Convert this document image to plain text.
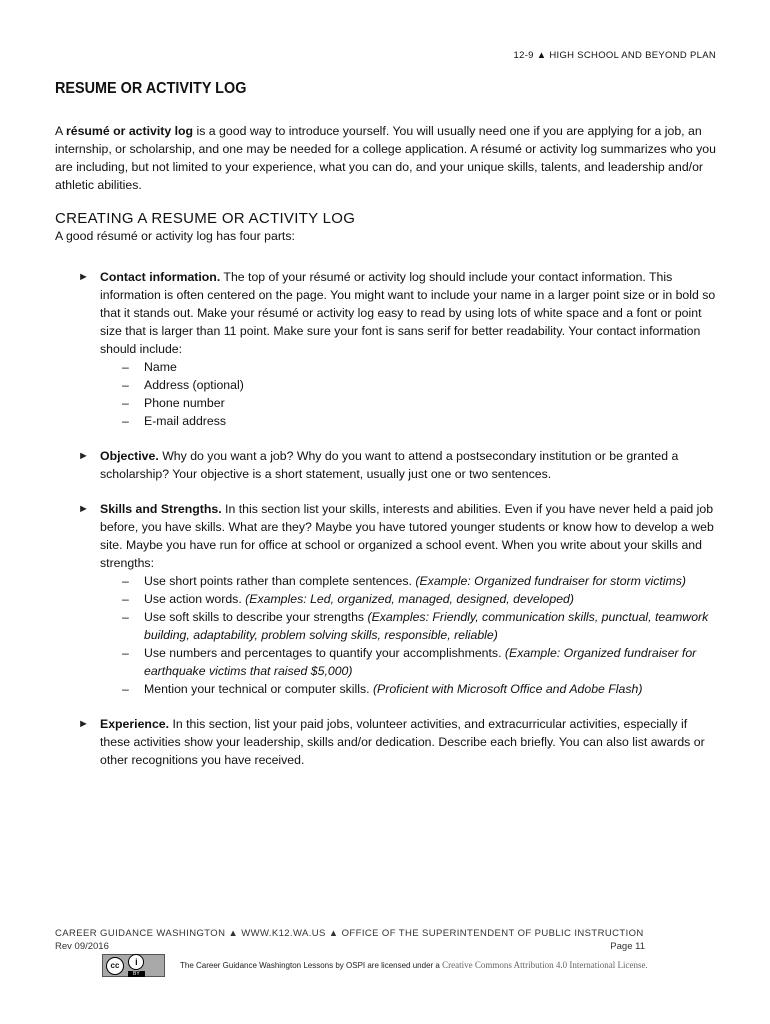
12-9 ▲ HIGH SCHOOL AND BEYOND PLAN
RESUME OR ACTIVITY LOG

A résumé or activity log is a good way to introduce yourself. You will usually need one if you are applying for a job, an internship, or scholarship, and one may be needed for a college application. A résumé or activity log summarizes who you are including, but not limited to your experience, what you can do, and your unique skills, talents, and leadership and/or athletic abilities.

CREATING A RESUME OR ACTIVITY LOG

A good résumé or activity log has four parts:

► Contact information. The top of your résumé or activity log should include your contact information. This information is often centered on the page. You might want to include your name in a larger point size or in bold so that it stands out. Make your résumé or activity log easy to read by using lots of white space and a font or point size that is larger than 11 point. Make sure your font is sans serif for better readability. Your contact information should include:
– Name
– Address (optional)
– Phone number
– E-mail address
► Objective. Why do you want a job? Why do you want to attend a postsecondary institution or be granted a scholarship? Your objective is a short statement, usually just one or two sentences.
► Skills and Strengths. In this section list your skills, interests and abilities. Even if you have never held a paid job before, you have skills. What are they? Maybe you have tutored younger students or know how to develop a web site. Maybe you have run for office at school or organized a school event. When you write about your skills and strengths:
– Use short points rather than complete sentences. (Example: Organized fundraiser for storm victims)
– Use action words. (Examples: Led, organized, managed, designed, developed)
– Use soft skills to describe your strengths (Examples: Friendly, communication skills, punctual, teamwork building, adaptability, problem solving skills, responsible, reliable)
– Use numbers and percentages to quantify your accomplishments. (Example: Organized fundraiser for earthquake victims that raised $5,000)
– Mention your technical or computer skills. (Proficient with Microsoft Office and Adobe Flash)
► Experience. In this section, list your paid jobs, volunteer activities, and extracurricular activities, especially if these activities show your leadership, skills and/or dedication. Describe each briefly. You can also list awards or other recognitions you have received.
CAREER GUIDANCE WASHINGTON ▲ WWW.K12.WA.US ▲ OFFICE OF THE SUPERINTENDENT OF PUBLIC INSTRUCTION
Rev 09/2016	Page 11
cc	i
BY
The Career Guidance Washington Lessons by OSPI are licensed under a Creative Commons Attribution 4.0 International License.
